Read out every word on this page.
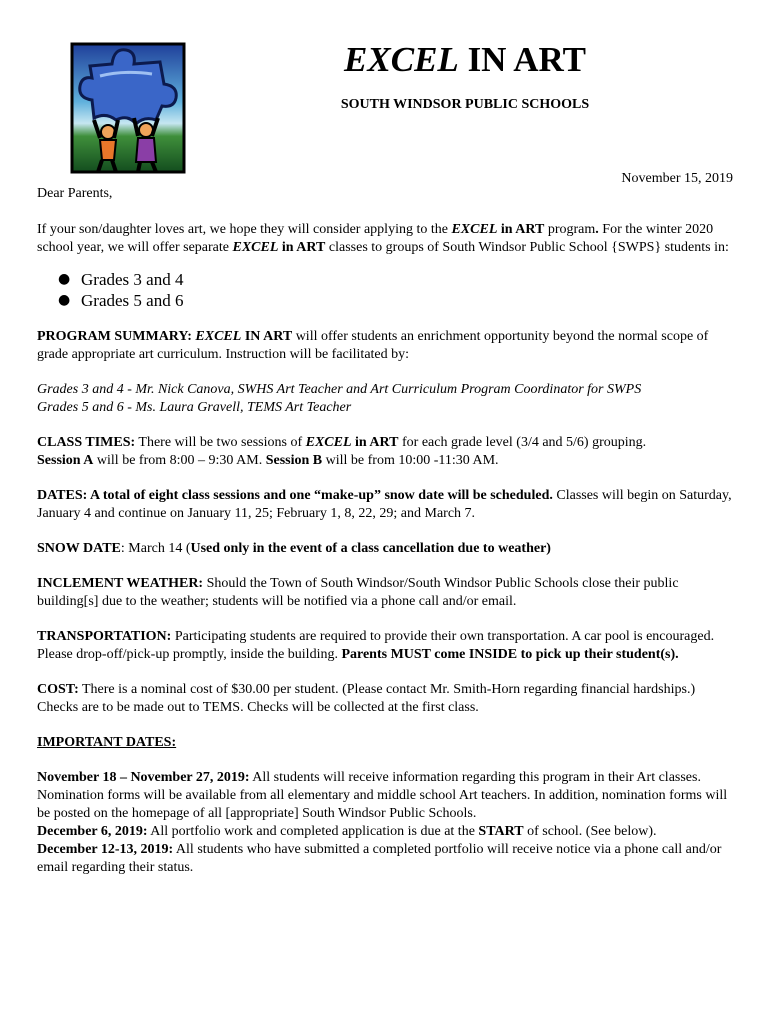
EXCEL IN ART
SOUTH WINDSOR PUBLIC SCHOOLS
November 15, 2019

Dear Parents,

If your son/daughter loves art, we hope they will consider applying to the EXCEL in ART program. For the winter 2020 school year, we will offer separate EXCEL in ART classes to groups of South Windsor Public School {SWPS} students in:

● Grades 3 and 4
● Grades 5 and 6

PROGRAM SUMMARY: EXCEL IN ART will offer students an enrichment opportunity beyond the normal scope of grade appropriate art curriculum. Instruction will be facilitated by:

Grades 3 and 4 - Mr. Nick Canova, SWHS Art Teacher and Art Curriculum Program Coordinator for SWPS
Grades 5 and 6 - Ms. Laura Gravell, TEMS Art Teacher

CLASS TIMES: There will be two sessions of EXCEL in ART for each grade level (3/4 and 5/6) grouping.
Session A will be from 8:00 – 9:30 AM. Session B will be from 10:00 -11:30 AM.

DATES: A total of eight class sessions and one “make-up” snow date will be scheduled. Classes will begin on Saturday, January 4 and continue on January 11, 25; February 1, 8, 22, 29; and March 7.

SNOW DATE: March 14 (Used only in the event of a class cancellation due to weather)

INCLEMENT WEATHER: Should the Town of South Windsor/South Windsor Public Schools close their public building[s] due to the weather; students will be notified via a phone call and/or email.

TRANSPORTATION: Participating students are required to provide their own transportation. A car pool is encouraged. Please drop-off/pick-up promptly, inside the building. Parents MUST come INSIDE to pick up their student(s).

COST: There is a nominal cost of $30.00 per student. (Please contact Mr. Smith-Horn regarding financial hardships.) Checks are to be made out to TEMS. Checks will be collected at the first class.

IMPORTANT DATES:

November 18 – November 27, 2019: All students will receive information regarding this program in their Art classes. Nomination forms will be available from all elementary and middle school Art teachers. In addition, nomination forms will be posted on the homepage of all [appropriate] South Windsor Public Schools.
December 6, 2019: All portfolio work and completed application is due at the START of school. (See below).
December 12-13, 2019: All students who have submitted a completed portfolio will receive notice via a phone call and/or email regarding their status.
